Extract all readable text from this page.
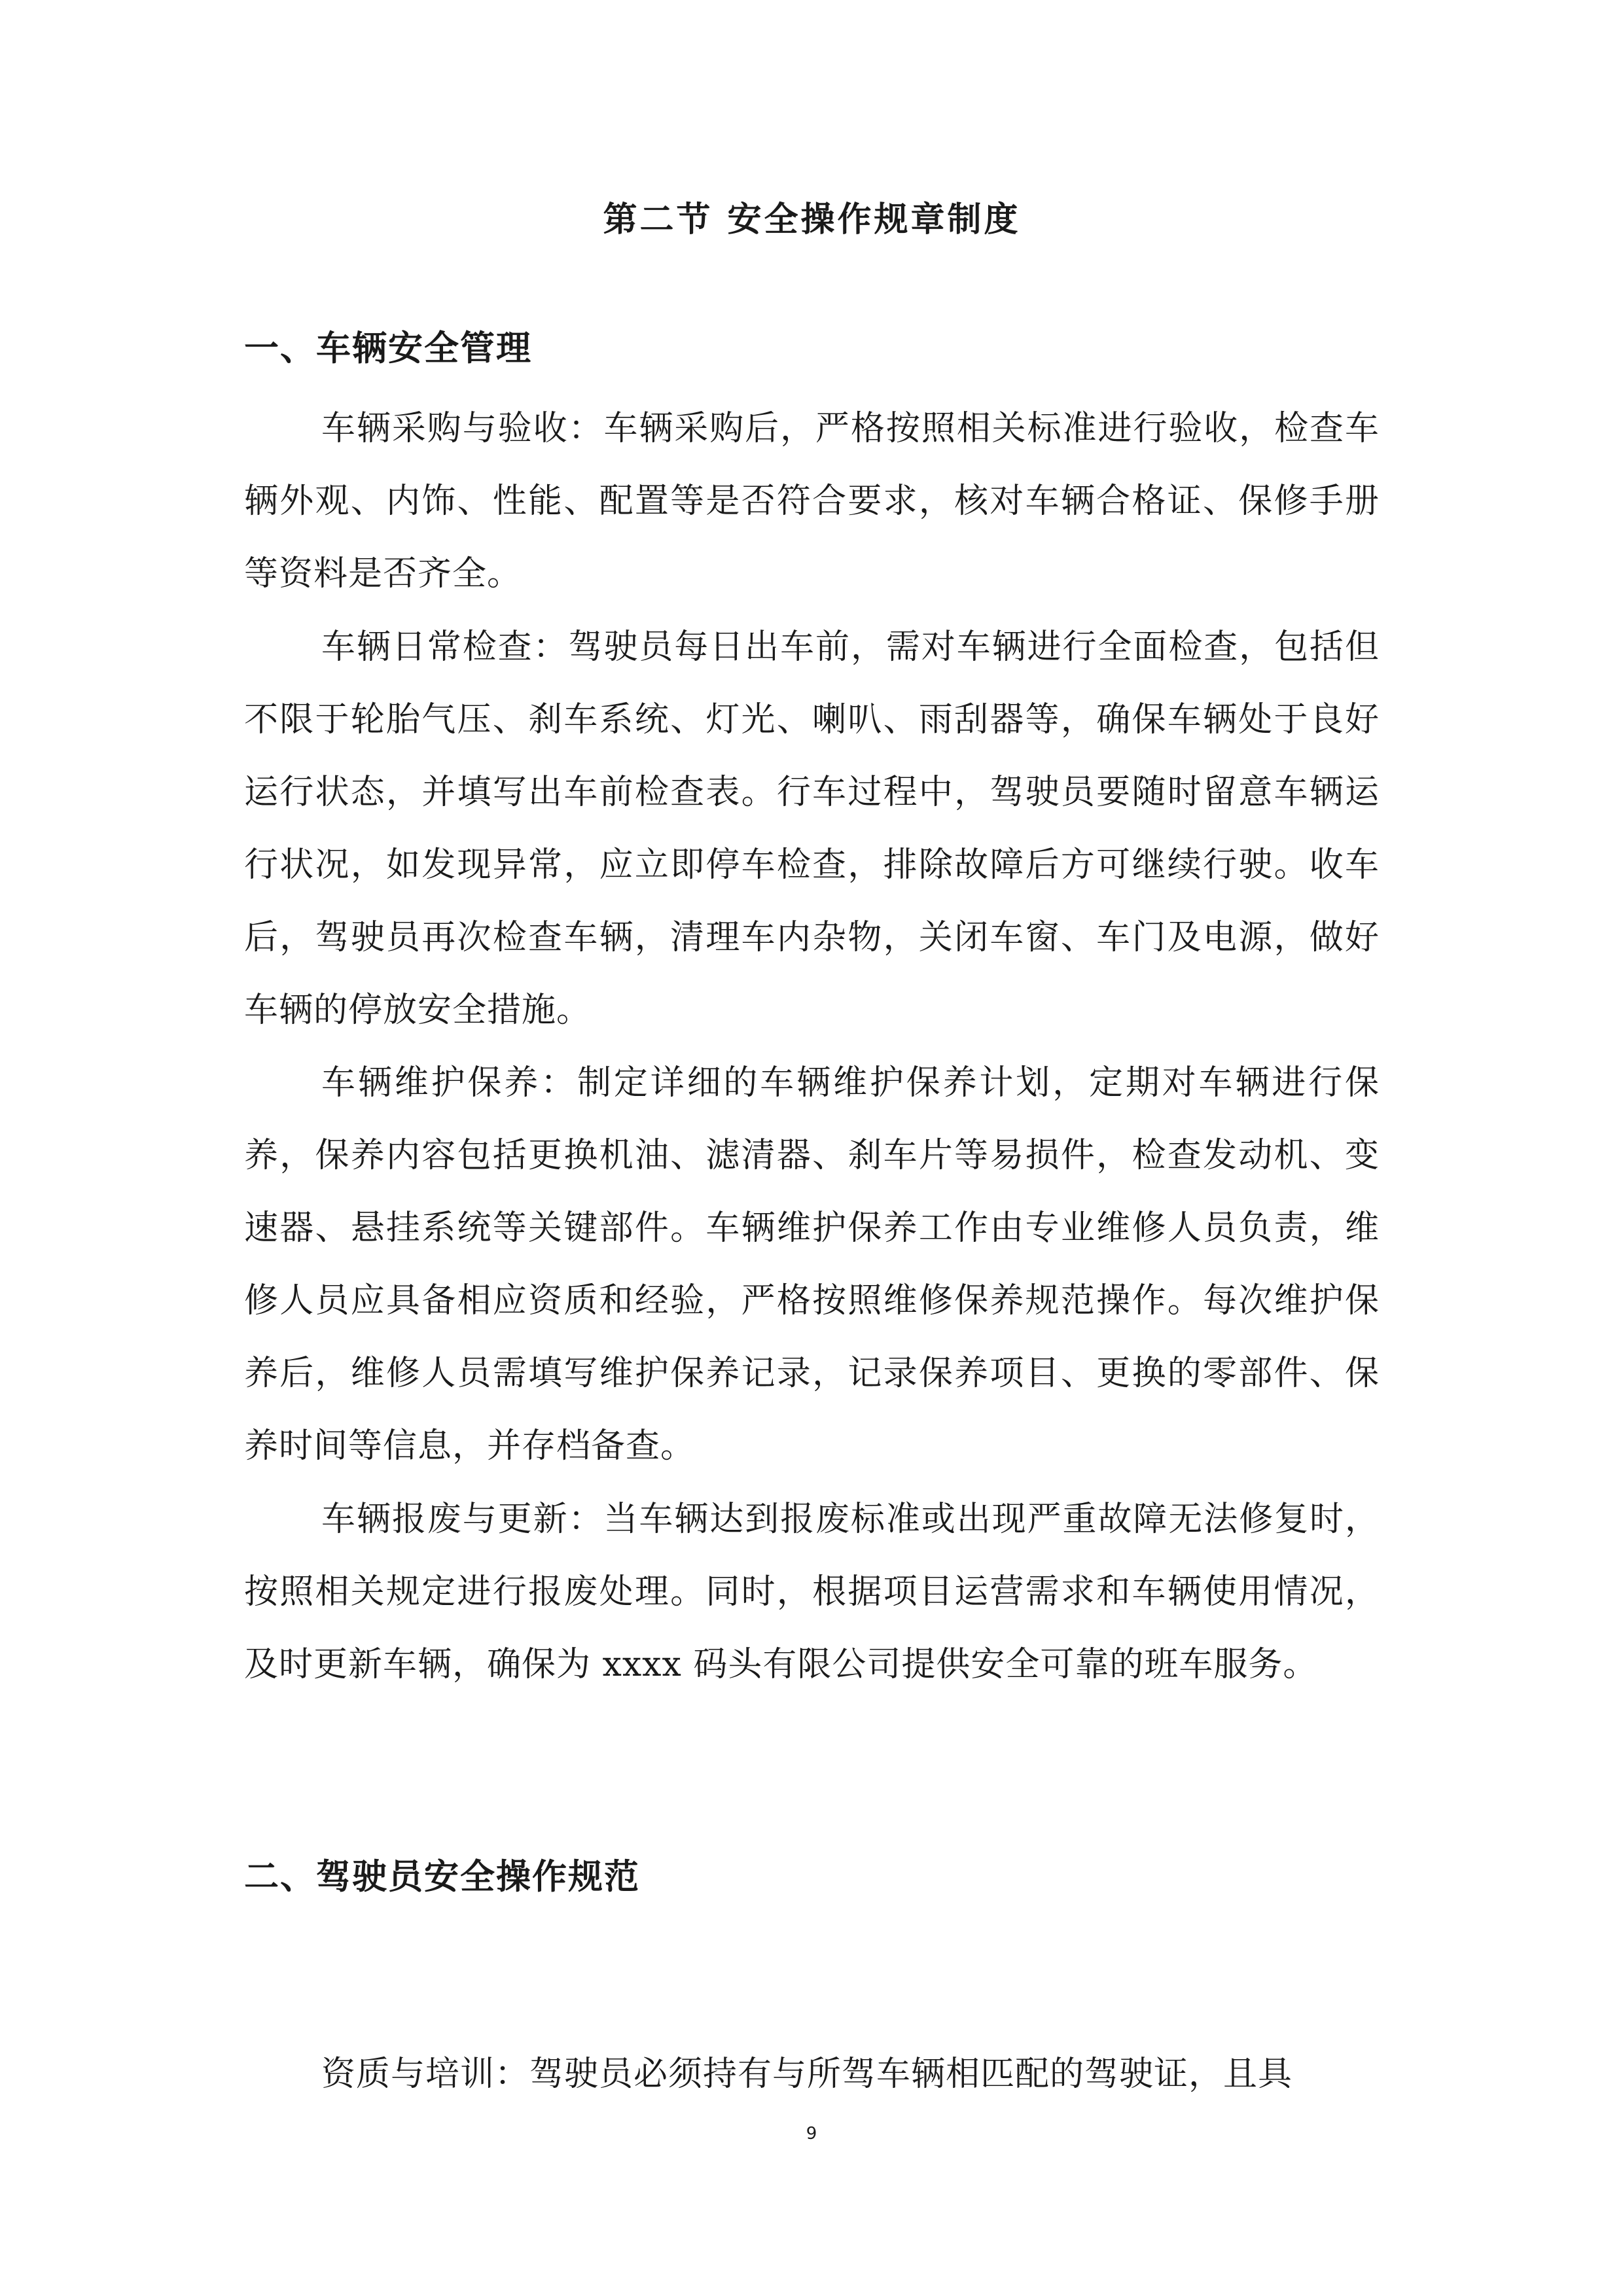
第二节 安全操作规章制度
一、车辆安全管理

车辆采购与验收：车辆采购后，严格按照相关标准进行验收，检查车辆外观、内饰、性能、配置等是否符合要求，核对车辆合格证、保修手册等资料是否齐全。

车辆日常检查：驾驶员每日出车前，需对车辆进行全面检查，包括但不限于轮胎气压、刹车系统、灯光、喇叭、雨刮器等，确保车辆处于良好运行状态，并填写出车前检查表。行车过程中，驾驶员要随时留意车辆运行状况，如发现异常，应立即停车检查，排除故障后方可继续行驶。收车后，驾驶员再次检查车辆，清理车内杂物，关闭车窗、车门及电源，做好车辆的停放安全措施。

车辆维护保养：制定详细的车辆维护保养计划，定期对车辆进行保养，保养内容包括更换机油、滤清器、刹车片等易损件，检查发动机、变速器、悬挂系统等关键部件。车辆维护保养工作由专业维修人员负责，维修人员应具备相应资质和经验，严格按照维修保养规范操作。每次维护保养后，维修人员需填写维护保养记录，记录保养项目、更换的零部件、保养时间等信息，并存档备查。

车辆报废与更新：当车辆达到报废标准或出现严重故障无法修复时，按照相关规定进行报废处理。同时，根据项目运营需求和车辆使用情况，及时更新车辆，确保为 xxxx 码头有限公司提供安全可靠的班车服务。

二、驾驶员安全操作规范

资质与培训：驾驶员必须持有与所驾车辆相匹配的驾驶证，且具

9
